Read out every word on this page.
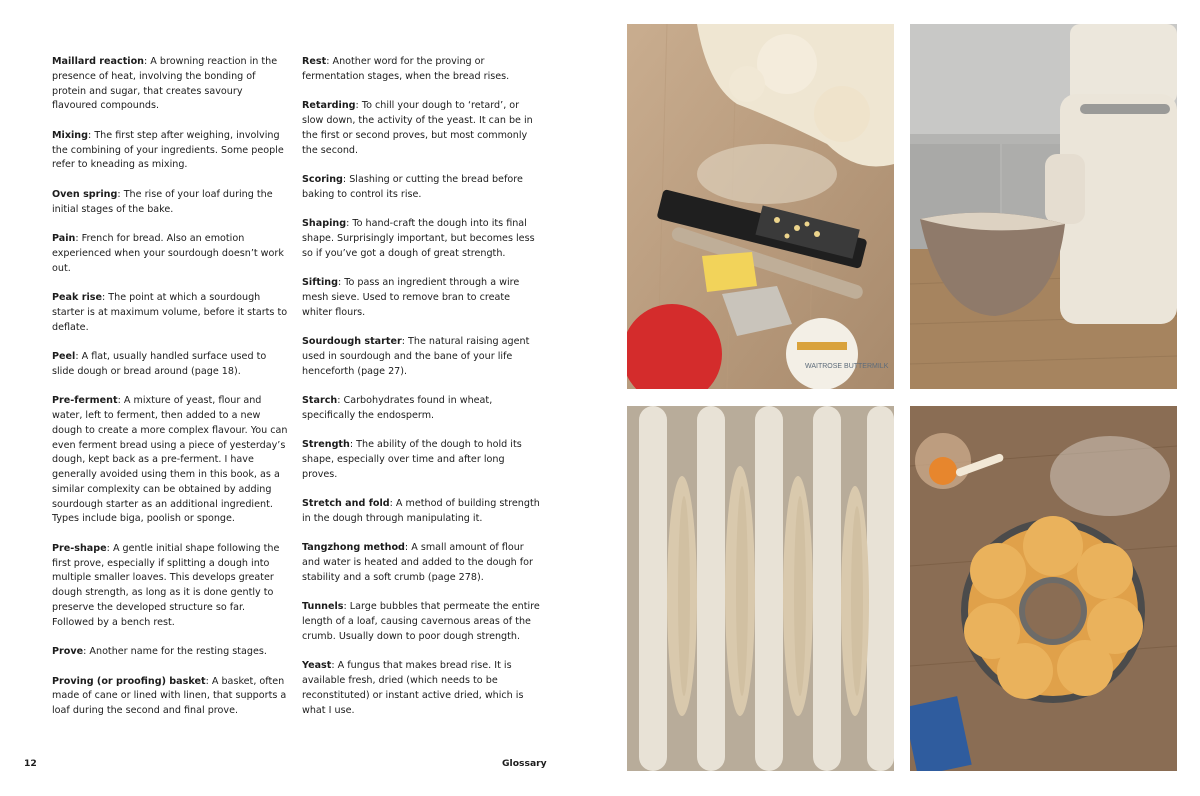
Maillard reaction: A browning reaction in the presence of heat, involving the bonding of protein and sugar, that creates savoury flavoured compounds.

Mixing: The first step after weighing, involving the combining of your ingredients. Some people refer to kneading as mixing.

Oven spring: The rise of your loaf during the initial stages of the bake.

Pain: French for bread. Also an emotion experienced when your sourdough doesn’t work out.

Peak rise: The point at which a sourdough starter is at maximum volume, before it starts to deflate.

Peel: A flat, usually handled surface used to slide dough or bread around (page 18).

Pre-ferment: A mixture of yeast, flour and water, left to ferment, then added to a new dough to create a more complex flavour. You can even ferment bread using a piece of yesterday’s dough, kept back as a pre-ferment. I have generally avoided using them in this book, as a similar complexity can be obtained by adding sourdough starter as an additional ingredient. Types include biga, poolish or sponge.

Pre-shape: A gentle initial shape following the first prove, especially if splitting a dough into multiple smaller loaves. This develops greater dough strength, as long as it is done gently to preserve the developed structure so far. Followed by a bench rest.

Prove: Another name for the resting stages.

Proving (or proofing) basket: A basket, often made of cane or lined with linen, that supports a loaf during the second and final prove.

Rest: Another word for the proving or fermentation stages, when the bread rises.

Retarding: To chill your dough to ‘retard’, or slow down, the activity of the yeast. It can be in the first or second proves, but most commonly the second.

Scoring: Slashing or cutting the bread before baking to control its rise.

Shaping: To hand-craft the dough into its final shape. Surprisingly important, but becomes less so if you’ve got a dough of great strength.

Sifting: To pass an ingredient through a wire mesh sieve. Used to remove bran to create whiter flours.

Sourdough starter: The natural raising agent used in sourdough and the bane of your life henceforth (page 27).

Starch: Carbohydrates found in wheat, specifically the endosperm.

Strength: The ability of the dough to hold its shape, especially over time and after long proves.

Stretch and fold: A method of building strength in the dough through manipulating it.

Tangzhong method: A small amount of flour and water is heated and added to the dough for stability and a soft crumb (page 278).

Tunnels: Large bubbles that permeate the entire length of a loaf, causing cavernous areas of the crumb. Usually down to poor dough strength.

Yeast: A fungus that makes bread rise. It is available fresh, dried (which needs to be reconstituted) or instant active dried, which is what I use.

12	Glossary
WAITROSE BUTTERMILK
